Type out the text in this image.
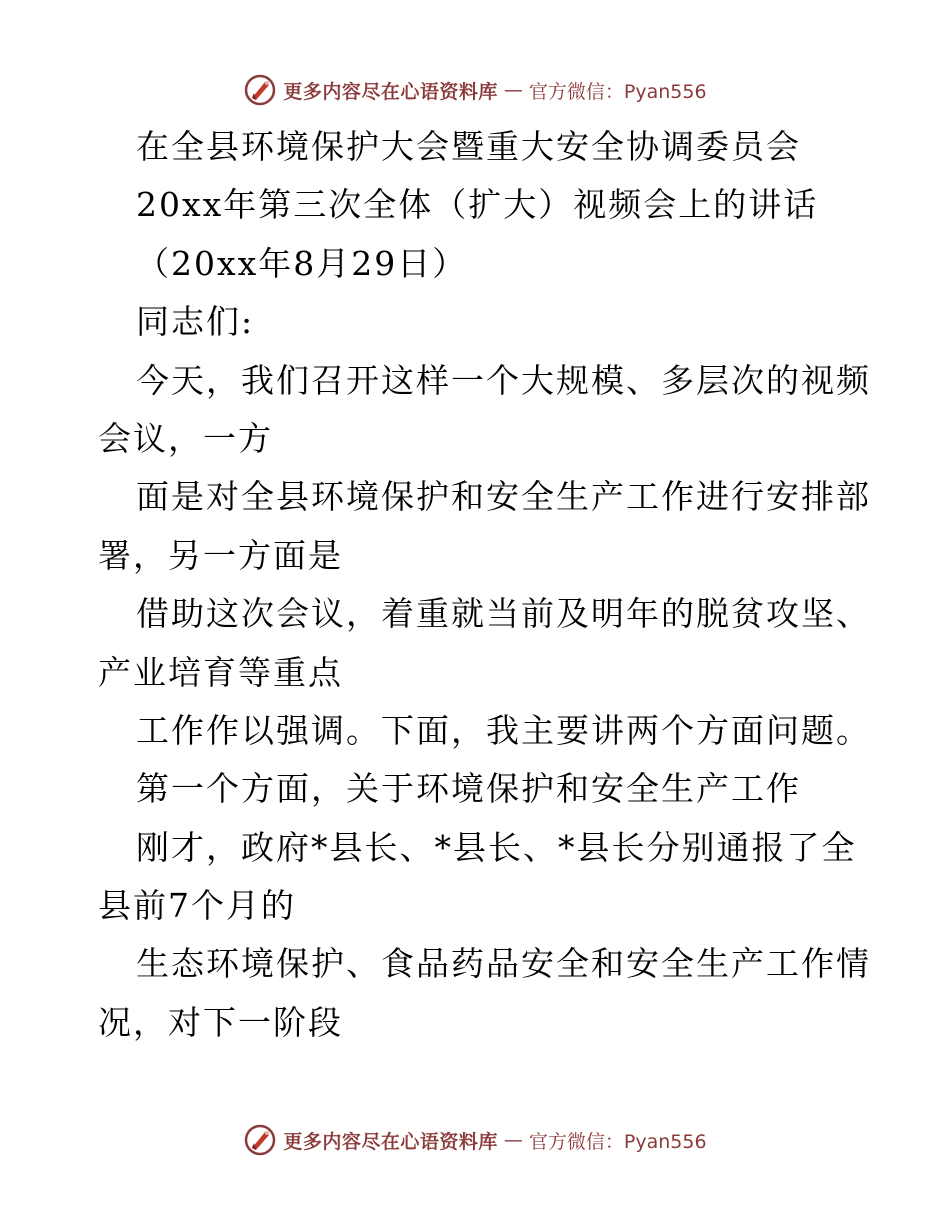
更多内容尽在心语资料库 — 官方微信：Pyan556
在全县环境保护大会暨重大安全协调委员会
20xx年第三次全体（扩大）视频会上的讲话
（20xx年8月29日）
同志们:
今天，我们召开这样一个大规模、多层次的视频
会议，一方
面是对全县环境保护和安全生产工作进行安排部
署，另一方面是
借助这次会议，着重就当前及明年的脱贫攻坚、
产业培育等重点
工作作以强调。下面，我主要讲两个方面问题。
第一个方面，关于环境保护和安全生产工作
刚才，政府*县长、*县长、*县长分别通报了全
县前7个月的
生态环境保护、食品药品安全和安全生产工作情
况，对下一阶段
更多内容尽在心语资料库 — 官方微信：Pyan556
